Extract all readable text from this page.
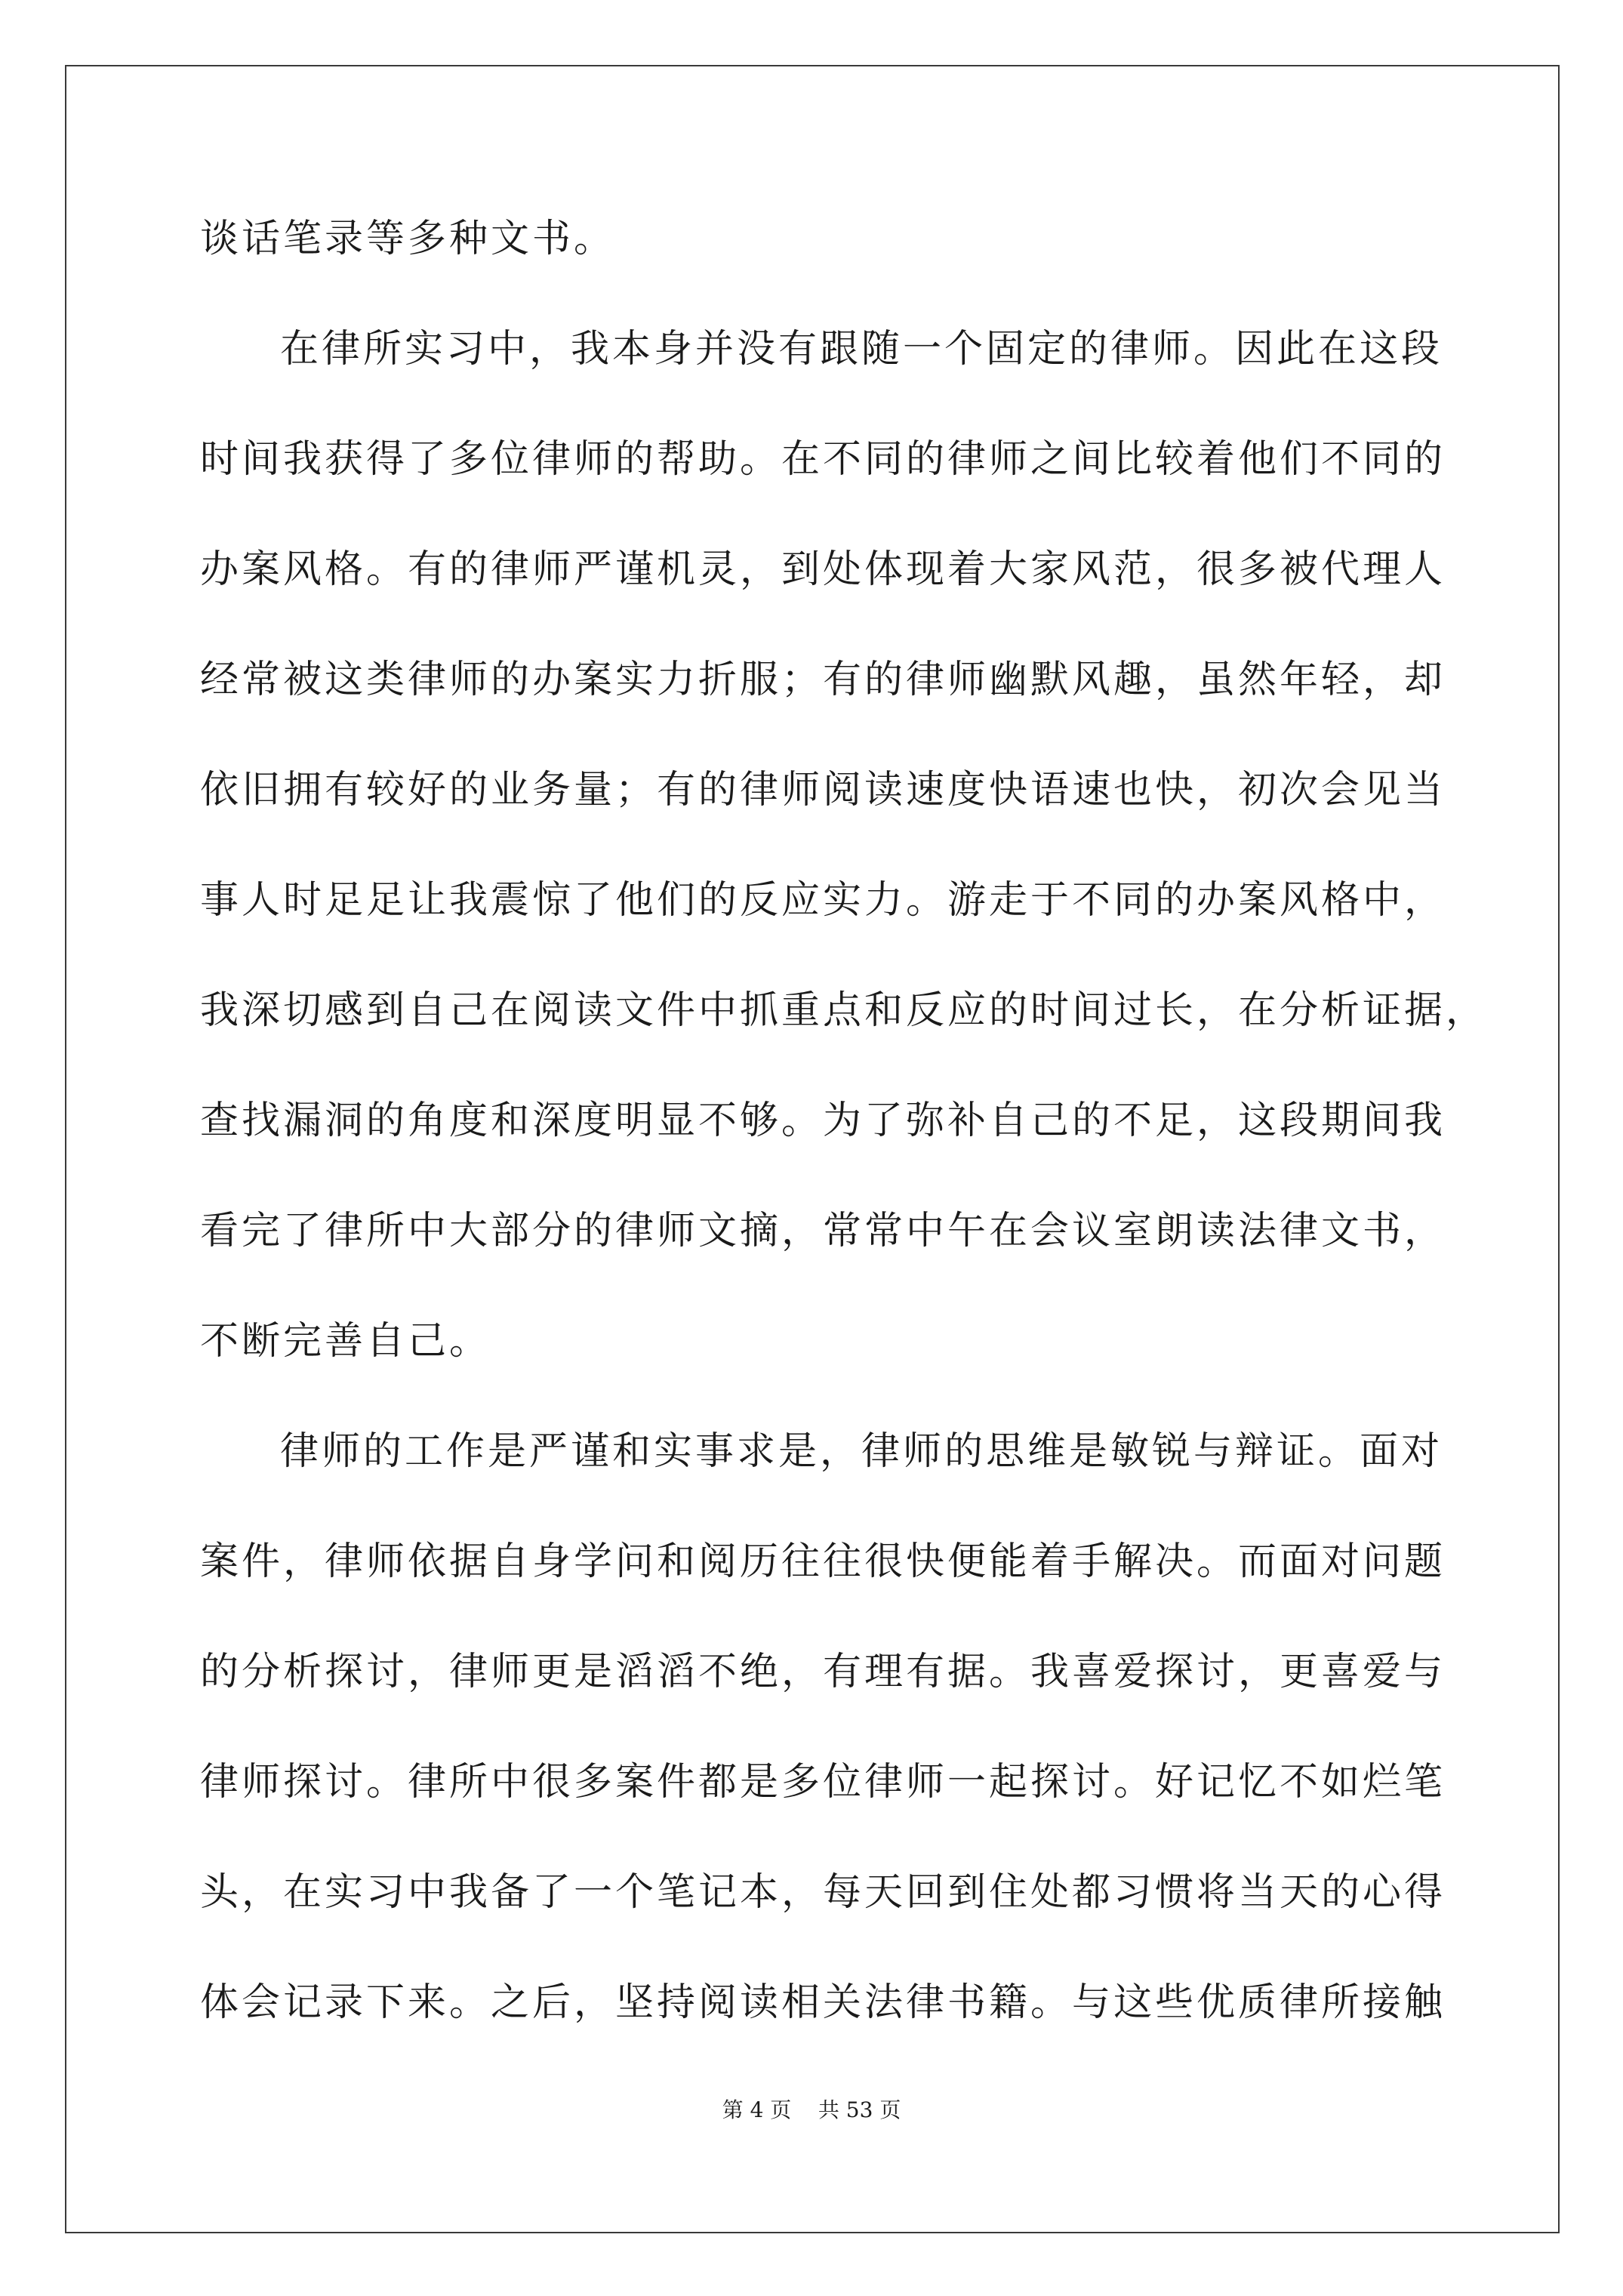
谈话笔录等多种文书。
在律所实习中，我本身并没有跟随一个固定的律师。因此在这段
时间我获得了多位律师的帮助。在不同的律师之间比较着他们不同的
办案风格。有的律师严谨机灵，到处体现着大家风范，很多被代理人
经常被这类律师的办案实力折服；有的律师幽默风趣，虽然年轻，却
依旧拥有较好的业务量；有的律师阅读速度快语速也快，初次会见当
事人时足足让我震惊了他们的反应实力。游走于不同的办案风格中，
我深切感到自己在阅读文件中抓重点和反应的时间过长，在分析证据，
查找漏洞的角度和深度明显不够。为了弥补自己的不足，这段期间我
看完了律所中大部分的律师文摘，常常中午在会议室朗读法律文书，
不断完善自己。
律师的工作是严谨和实事求是，律师的思维是敏锐与辩证。面对
案件，律师依据自身学问和阅历往往很快便能着手解决。而面对问题
的分析探讨，律师更是滔滔不绝，有理有据。我喜爱探讨，更喜爱与
律师探讨。律所中很多案件都是多位律师一起探讨。好记忆不如烂笔
头，在实习中我备了一个笔记本，每天回到住处都习惯将当天的心得
体会记录下来。之后，坚持阅读相关法律书籍。与这些优质律所接触
第 4 页    共 53 页
